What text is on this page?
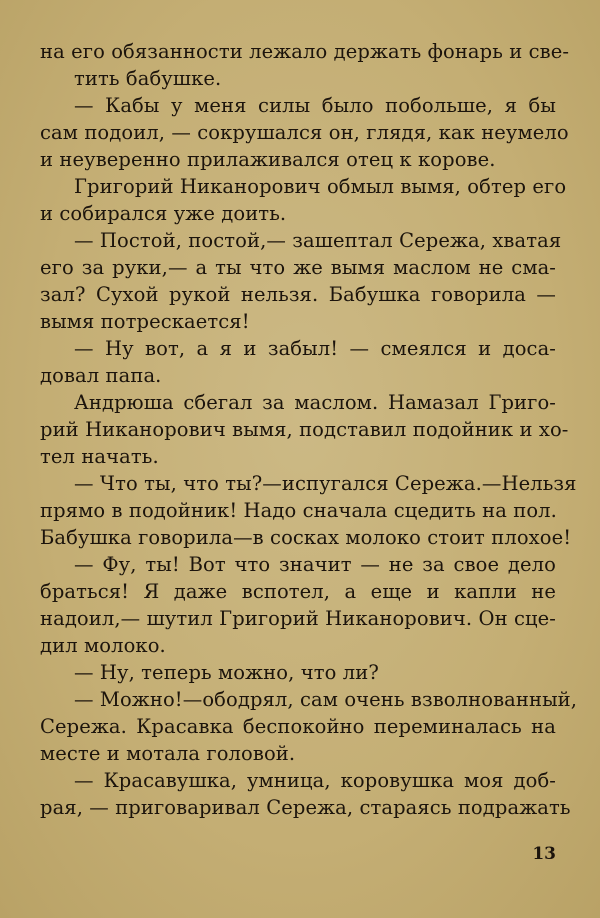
на его обязанности лежало держать фонарь и све-
тить бабушке.
— Кабы у меня силы было побольше, я бы
сам подоил, — сокрушался он, глядя, как неумело
и неуверенно прилаживался отец к корове.
Григорий Никанорович обмыл вымя, обтер его
и собирался уже доить.
— Постой, постой,— зашептал Сережа, хватая
его за руки,— а ты что же вымя маслом не сма-
зал? Сухой рукой нельзя. Бабушка говорила —
вымя потрескается!
— Ну вот, а я и забыл! — смеялся и доса-
довал папа.
Андрюша сбегал за маслом. Намазал Григо-
рий Никанорович вымя, подставил подойник и хо-
тел начать.
— Что ты, что ты?—испугался Сережа.—Нельзя
прямо в подойник! Надо сначала сцедить на пол.
Бабушка говорила—в сосках молоко стоит плохое!
— Фу, ты! Вот что значит — не за свое дело
браться! Я даже вспотел, а еще и капли не
надоил,— шутил Григорий Никанорович. Он сце-
дил молоко.
— Ну, теперь можно, что ли?
— Можно!—ободрял, сам очень взволнованный,
Сережа. Красавка беспокойно переминалась на
месте и мотала головой.
— Красавушка, умница, коровушка моя доб-
рая, — приговаривал Сережа, стараясь подражать
13
